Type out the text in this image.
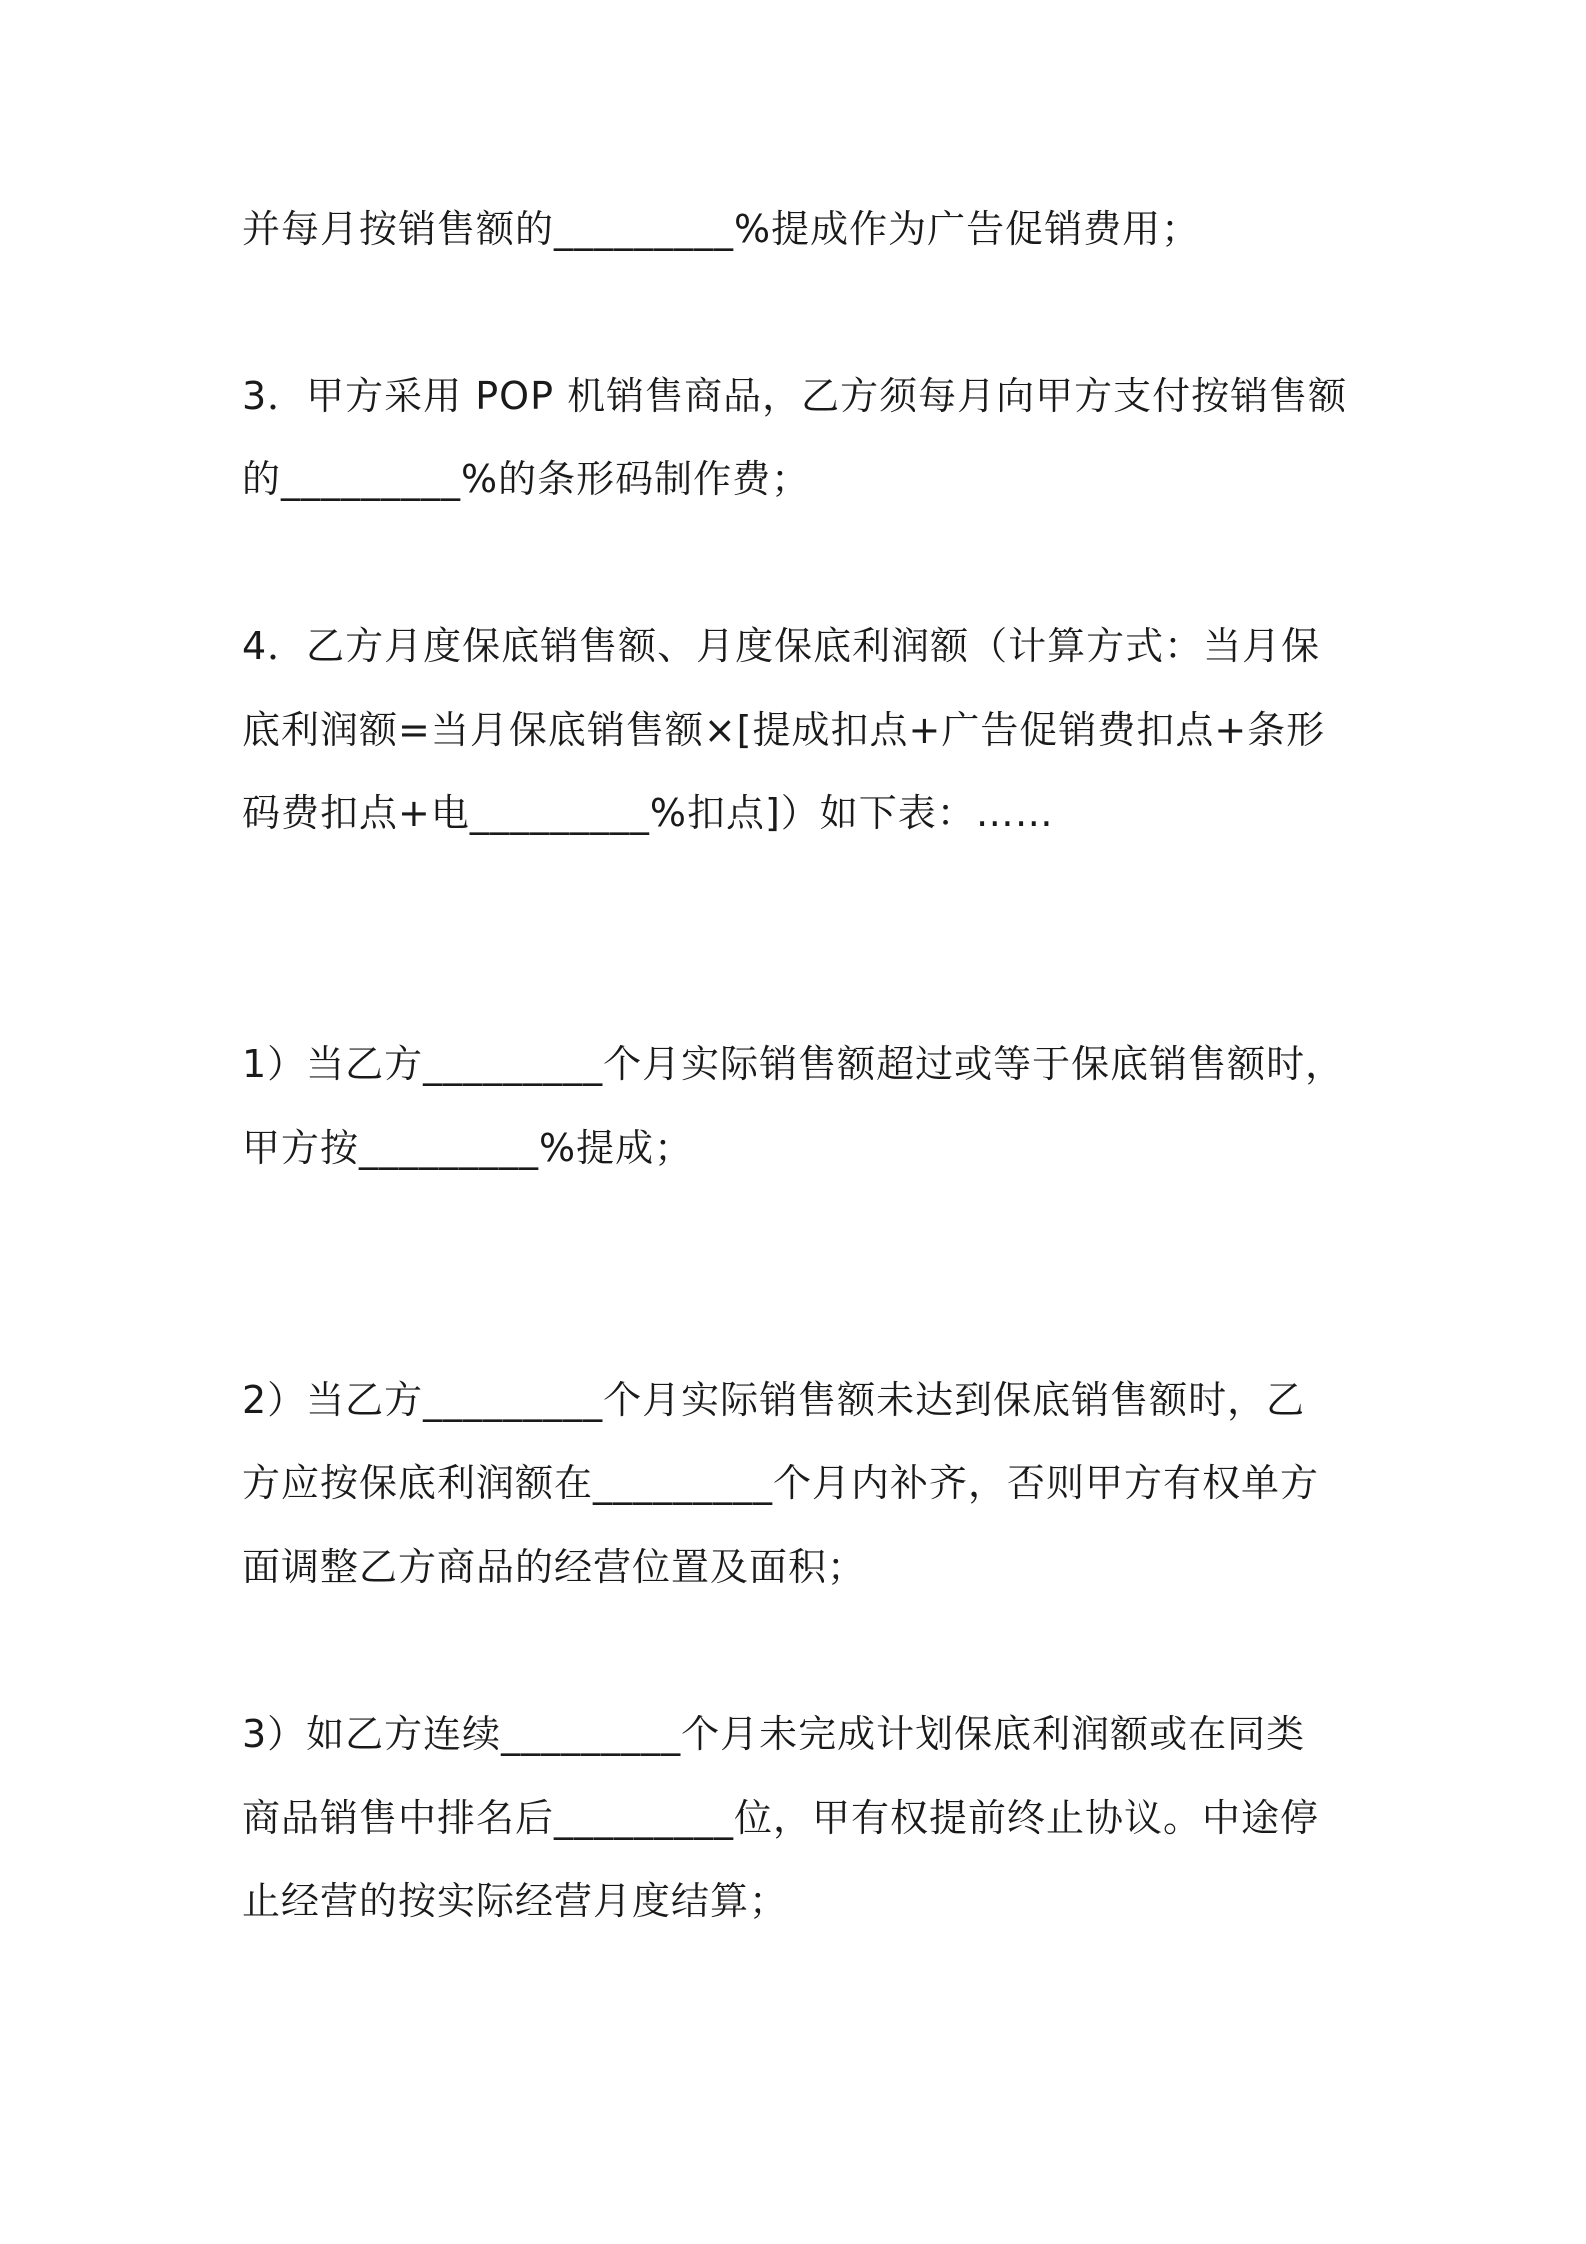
并每月按销售额的_________%提成作为广告促销费用；
3．甲方采用 POP 机销售商品，乙方须每月向甲方支付按销售额
的_________%的条形码制作费；
4．乙方月度保底销售额、月度保底利润额（计算方式：当月保
底利润额=当月保底销售额×[提成扣点+广告促销费扣点+条形
码费扣点+电_________%扣点]）如下表：……
1）当乙方_________个月实际销售额超过或等于保底销售额时，
甲方按_________%提成；
2）当乙方_________个月实际销售额未达到保底销售额时，乙
方应按保底利润额在_________个月内补齐，否则甲方有权单方
面调整乙方商品的经营位置及面积；
3）如乙方连续_________个月未完成计划保底利润额或在同类
商品销售中排名后_________位，甲有权提前终止协议。中途停
止经营的按实际经营月度结算；
